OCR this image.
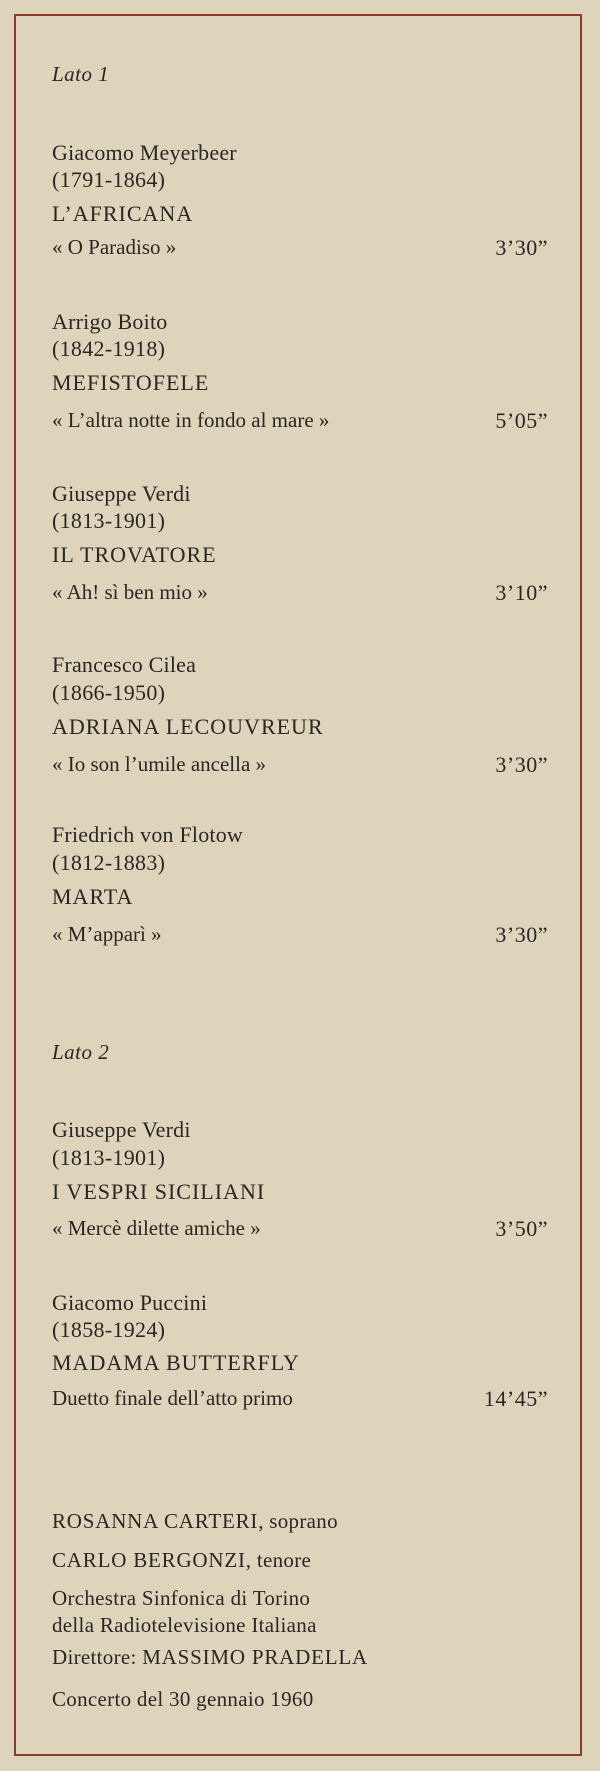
Lato 1
Giacomo Meyerbeer
(1791-1864)
L’AFRICANA
« O Paradiso »	3’30”
Arrigo Boito
(1842-1918)
MEFISTOFELE
« L’altra notte in fondo al mare »	5’05”
Giuseppe Verdi
(1813-1901)
IL TROVATORE
« Ah! sì ben mio »	3’10”
Francesco Cilea
(1866-1950)
ADRIANA LECOUVREUR
« Io son l’umile ancella »	3’30”
Friedrich von Flotow
(1812-1883)
MARTA
« M’apparì »	3’30”
Lato 2
Giuseppe Verdi
(1813-1901)
I VESPRI SICILIANI
« Mercè dilette amiche »	3’50”
Giacomo Puccini
(1858-1924)
MADAMA BUTTERFLY
Duetto finale dell’atto primo	14’45”
ROSANNA CARTERI, soprano
CARLO BERGONZI, tenore
Orchestra Sinfonica di Torino
della Radiotelevisione Italiana
Direttore: MASSIMO PRADELLA
Concerto del 30 gennaio 1960
